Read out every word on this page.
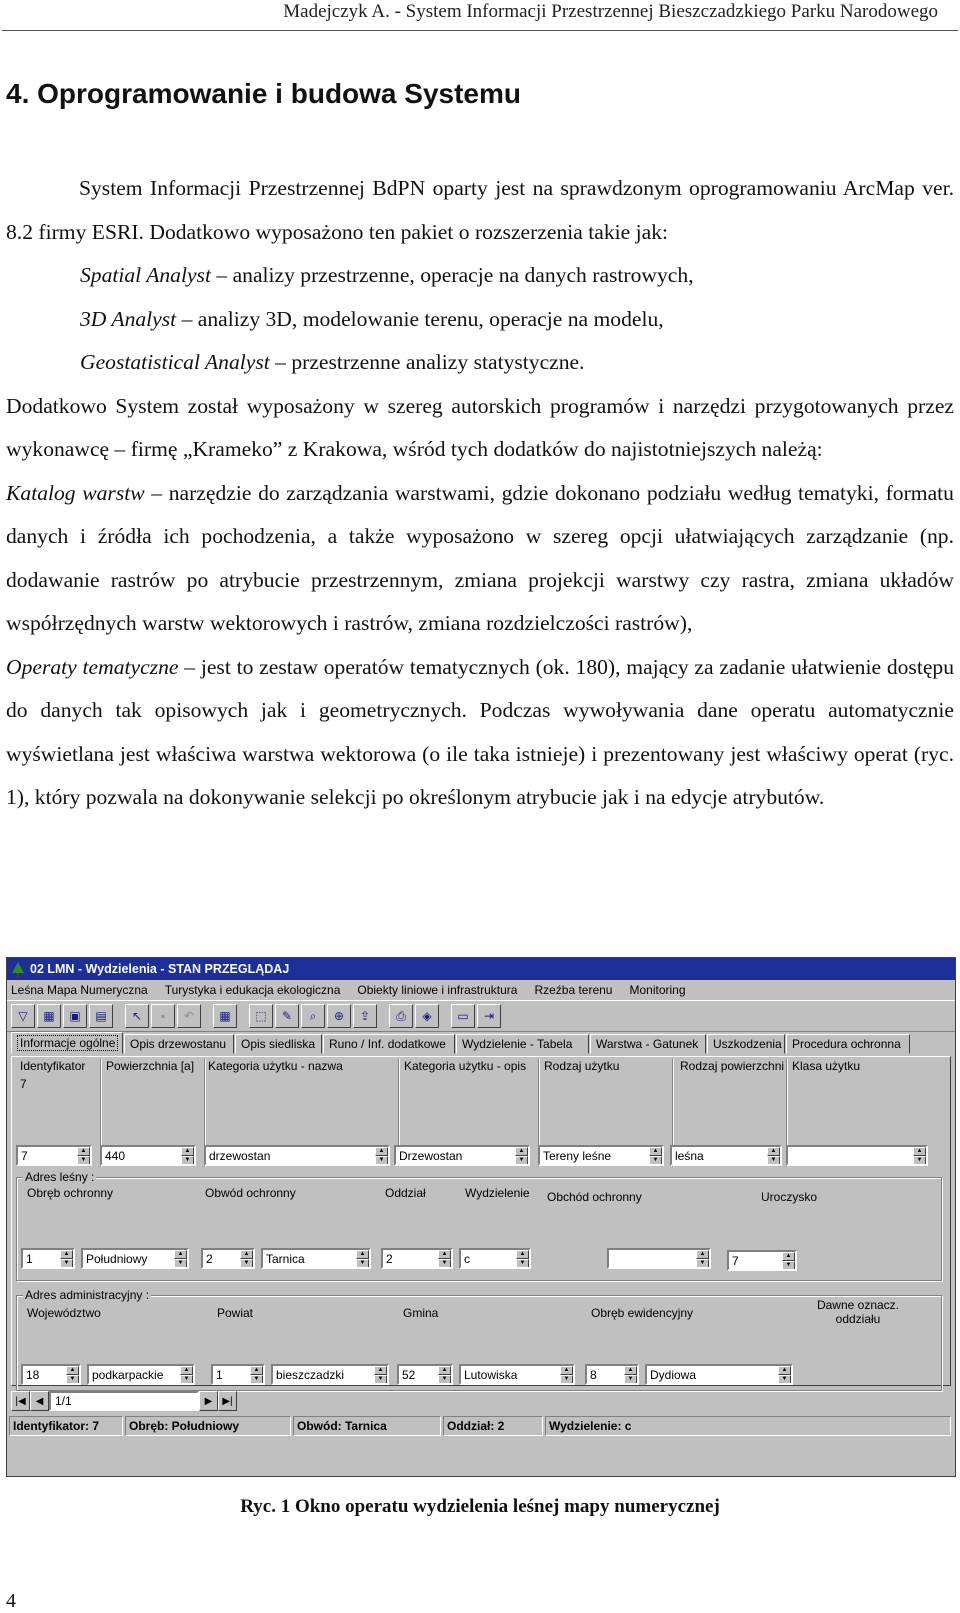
Madejczyk A. - System Informacji Przestrzennej Bieszczadzkiego Parku Narodowego
4. Oprogramowanie i budowa Systemu

System Informacji Przestrzennej BdPN oparty jest na sprawdzonym oprogramowaniu ArcMap ver. 8.2 firmy ESRI. Dodatkowo wyposażono ten pakiet o rozszerzenia takie jak:

Spatial Analyst – analizy przestrzenne, operacje na danych rastrowych,

3D Analyst – analizy 3D, modelowanie terenu, operacje na modelu,

Geostatistical Analyst – przestrzenne analizy statystyczne.

Dodatkowo System został wyposażony w szereg autorskich programów i narzędzi przygotowanych przez wykonawcę – firmę „Krameko” z Krakowa, wśród tych dodatków do najistotniejszych należą:

Katalog warstw – narzędzie do zarządzania warstwami, gdzie dokonano podziału według tematyki, formatu danych i źródła ich pochodzenia, a także wyposażono w szereg opcji ułatwiających zarządzanie (np. dodawanie rastrów po atrybucie przestrzennym, zmiana projekcji warstwy czy rastra, zmiana układów współrzędnych warstw wektorowych i rastrów, zmiana rozdzielczości rastrów),

Operaty tematyczne – jest to zestaw operatów tematycznych (ok. 180), mający za zadanie ułatwienie dostępu do danych tak opisowych jak i geometrycznych. Podczas wywoływania dane operatu automatycznie wyświetlana jest właściwa warstwa wektorowa (o ile taka istnieje) i prezentowany jest właściwy operat (ryc. 1), który pozwala na dokonywanie selekcji po określonym atrybucie jak i na edycje atrybutów.

02 LMN - Wydzielenia - STAN PRZEGLĄDAJ
Leśna Mapa Numeryczna Turystyka i edukacja ekologiczna Obiekty liniowe i infrastruktura Rzeźba terenu Monitoring
▽	▦	▣	▤	↖	▪	↶	▦	⬚	✎	⌕	⊕	⇪	⎙	◈	▭	⇥
Informacje ogólne	Opis drzewostanu	Opis siedliska	Runo / Inf. dodatkowe	Wydzielenie - Tabela	Warstwa - Gatunek	Uszkodzenia Procedura ochronna
Identyfikator Powierzchnia [a] Kategoria użytku - nazwa	Kategoria użytku - opis Rodzaj użytku	Rodzaj powierzchni Klasa użytku
7
7	▲
▼ 440	▲
▼ drzewostan	▲
▼ Drzewostan	▲
▼ Tereny leśne	▲
▼ leśna	▲
▼
▲
▼
Adres leśny :
Obręb ochronny	Obwód ochronny	Oddział	Wydzielenie Obchód ochronny	Uroczysko
1	▲
▼ Południowy	▲
▼ 2	▲
▼ Tarnica	▲
▼ 2	▲
▼ c	▲
▼
▲
▼ 7	▲
▼
Adres administracyjny :
Województwo	Powiat	Gmina	Obręb ewidencyjny
Dawne oznacz. oddziału
18	▲
▼ podkarpackie	▲
▼ 1	▲
▼ bieszczadzki	▲
▼ 52	▲
▼ Lutowiska	▲
▼ 8	▲
▼ Dydiowa	▲
▼
|◀	◀ 1/1	▶	▶|
Identyfikator: 7	Obręb: Południowy	Obwód: Tarnica	Oddział: 2	Wydzielenie: c

Ryc. 1 Okno operatu wydzielenia leśnej mapy numerycznej

4
